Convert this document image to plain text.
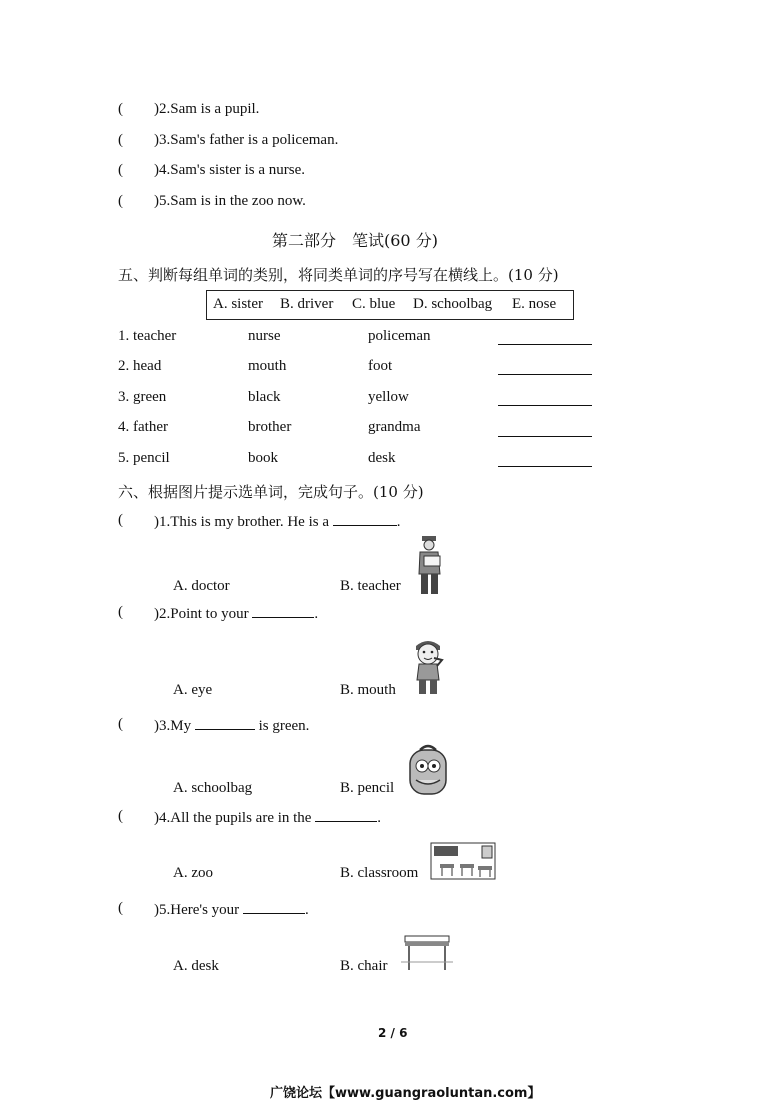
( )2.Sam is a pupil.
( )3.Sam's father is a policeman.
( )4.Sam's sister is a nurse.
( )5.Sam is in the zoo now.
第二部分　笔试(60 分)
五、判断每组单词的类别，将同类单词的序号写在横线上。(10 分)
A. sister B. driver C. blue D. schoolbag E. nose
1. teacher	nurse	policeman
2. head	mouth	foot
3. green	black	yellow
4. father	brother	grandma
5. pencil	book	desk
六、根据图片提示选单词，完成句子。(10 分)
( )1.This is my brother. He is a	.
A. doctor	B. teacher
( )2.Point to your	.
A. eye	B. mouth
( )3.My	is green.
A. schoolbag	B. pencil
( )4.All the pupils are in the	.
A. zoo	B. classroom
( )5.Here's your	.
A. desk	B. chair
2 / 6
广饶论坛【www.guangraoluntan.com】
